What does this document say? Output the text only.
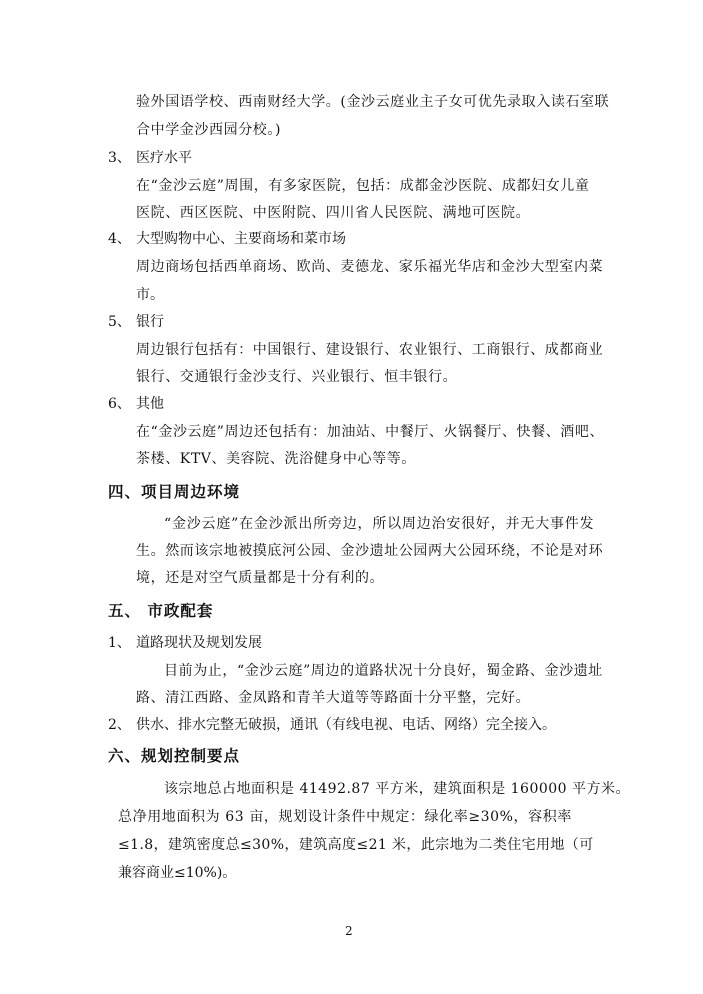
验外国语学校、西南财经大学。(金沙云庭业主子女可优先录取入读石室联
合中学金沙西园分校。)
3、 医疗水平
在“金沙云庭”周围，有多家医院，包括：成都金沙医院、成都妇女儿童
医院、西区医院、中医附院、四川省人民医院、满地可医院。
4、 大型购物中心、主要商场和菜市场
周边商场包括西单商场、欧尚、麦德龙、家乐福光华店和金沙大型室内菜
市。
5、 银行
周边银行包括有：中国银行、建设银行、农业银行、工商银行、成都商业
银行、交通银行金沙支行、兴业银行、恒丰银行。
6、 其他
在“金沙云庭”周边还包括有：加油站、中餐厅、火锅餐厅、快餐、酒吧、
茶楼、KTV、美容院、洗浴健身中心等等。
四、项目周边环境
“金沙云庭”在金沙派出所旁边，所以周边治安很好，并无大事件发
生。然而该宗地被摸底河公园、金沙遗址公园两大公园环绕，不论是对环
境，还是对空气质量都是十分有利的。
五、 市政配套
1、 道路现状及规划发展
目前为止，“金沙云庭”周边的道路状况十分良好，蜀金路、金沙遗址
路、清江西路、金凤路和青羊大道等等路面十分平整，完好。
2、 供水、排水完整无破损，通讯（有线电视、电话、网络）完全接入。
六、规划控制要点
该宗地总占地面积是 41492.87 平方米，建筑面积是 160000 平方米。
总净用地面积为 63 亩，规划设计条件中规定：绿化率≥30%，容积率
≤1.8，建筑密度总≤30%，建筑高度≤21 米，此宗地为二类住宅用地（可
兼容商业≤10%)。
2
